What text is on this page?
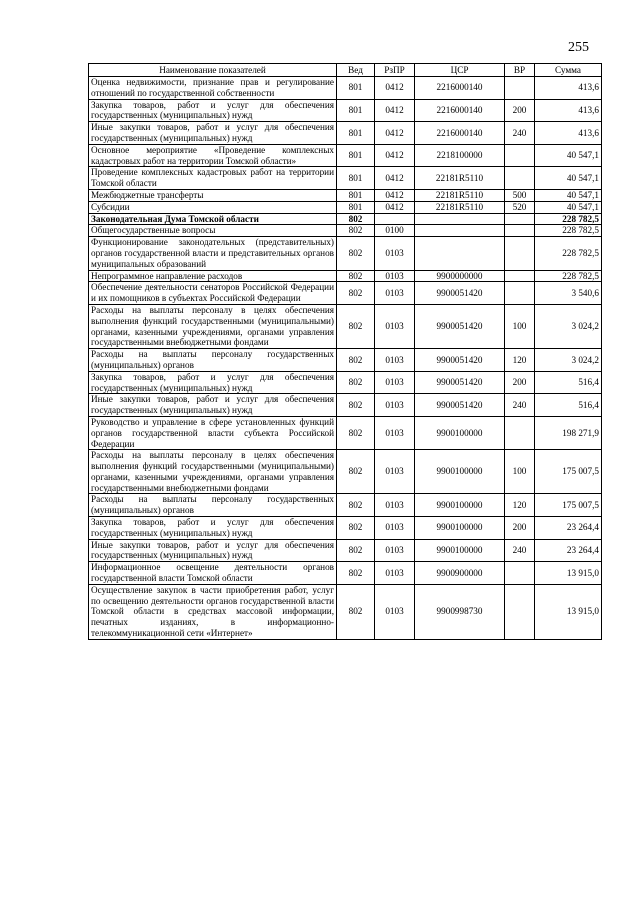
255
Наименование показателей	Вед	РзПР	ЦСР	ВР	Сумма
Оценка недвижимости, признание прав и регулирование отношений по государственной собственности	801	0412	2216000140		413,6
Закупка товаров, работ и услуг для обеспечения государственных (муниципальных) нужд	801	0412	2216000140	200	413,6
Иные закупки товаров, работ и услуг для обеспечения государственных (муниципальных) нужд	801	0412	2216000140	240	413,6
Основное мероприятие «Проведение комплексных кадастровых работ на территории Томской области»	801	0412	2218100000		40 547,1
Проведение комплексных кадастровых работ на территории Томской области	801	0412	22181R5110		40 547,1
Межбюджетные трансферты	801	0412	22181R5110	500	40 547,1
Субсидии	801	0412	22181R5110	520	40 547,1
Законодательная Дума Томской области	802				228 782,5
Общегосударственные вопросы	802	0100			228 782,5
Функционирование законодательных (представительных) органов государственной власти и представительных органов муниципальных образований	802	0103			228 782,5
Непрограммное направление расходов	802	0103	9900000000		228 782,5
Обеспечение деятельности сенаторов Российской Федерации и их помощников в субъектах Российской Федерации	802	0103	9900051420		3 540,6
Расходы на выплаты персоналу в целях обеспечения выполнения функций государственными (муниципальными) органами, казенными учреждениями, органами управления государственными внебюджетными фондами	802	0103	9900051420	100	3 024,2
Расходы на выплаты персоналу государственных (муниципальных) органов	802	0103	9900051420	120	3 024,2
Закупка товаров, работ и услуг для обеспечения государственных (муниципальных) нужд	802	0103	9900051420	200	516,4
Иные закупки товаров, работ и услуг для обеспечения государственных (муниципальных) нужд	802	0103	9900051420	240	516,4
Руководство и управление в сфере установленных функций органов государственной власти субъекта Российской Федерации	802	0103	9900100000		198 271,9
Расходы на выплаты персоналу в целях обеспечения выполнения функций государственными (муниципальными) органами, казенными учреждениями, органами управления государственными внебюджетными фондами	802	0103	9900100000	100	175 007,5
Расходы на выплаты персоналу государственных (муниципальных) органов	802	0103	9900100000	120	175 007,5
Закупка товаров, работ и услуг для обеспечения государственных (муниципальных) нужд	802	0103	9900100000	200	23 264,4
Иные закупки товаров, работ и услуг для обеспечения государственных (муниципальных) нужд	802	0103	9900100000	240	23 264,4
Информационное освещение деятельности органов государственной власти Томской области	802	0103	9900900000		13 915,0
Осуществление закупок в части приобретения работ, услуг по освещению деятельности органов государственной власти Томской области в средствах массовой информации, печатных изданиях, в информационно-телекоммуникационной сети «Интернет»	802	0103	9900998730		13 915,0
